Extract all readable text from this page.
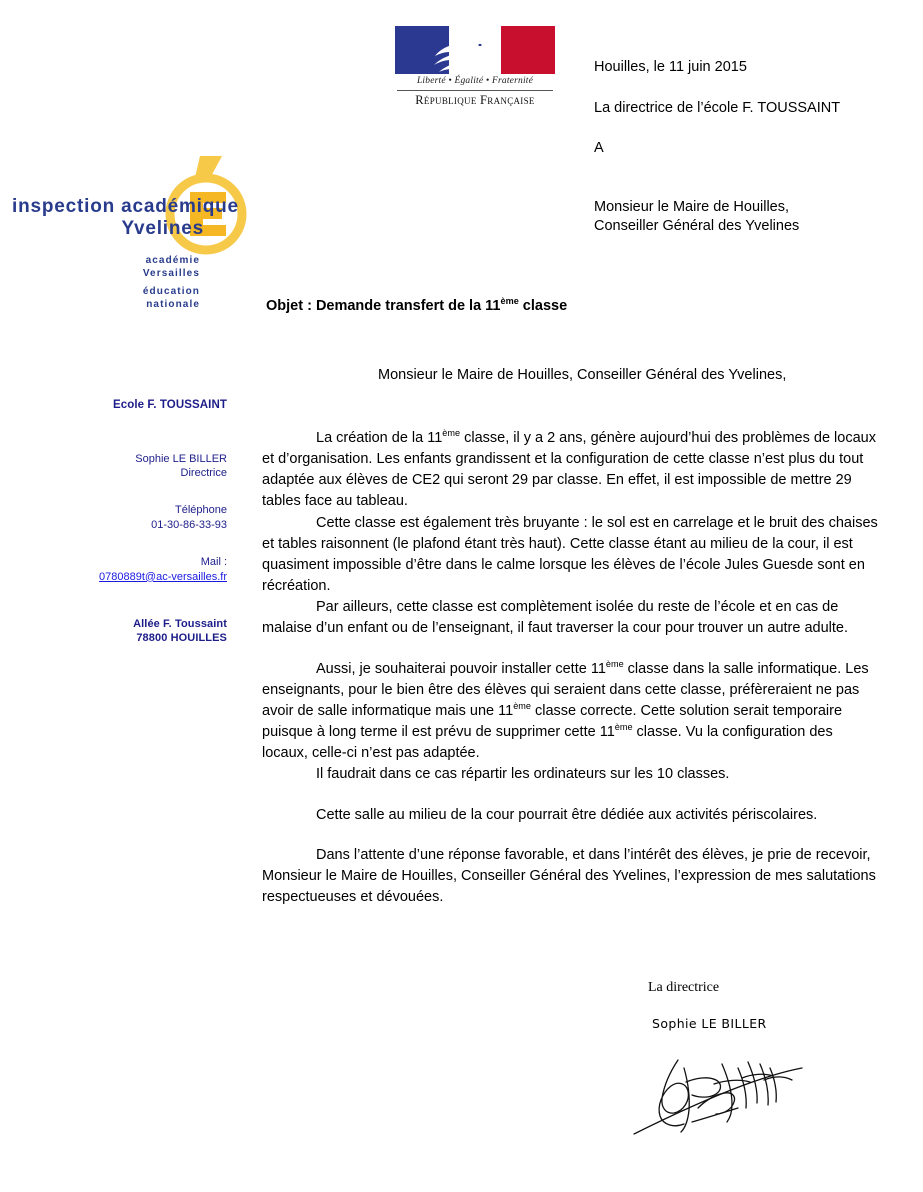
Liberté • Égalité • Fraternité
République Française
inspection académique
Yvelines
académie
Versailles
éducation
nationale
Houilles, le 11 juin 2015
La directrice de l’école F. TOUSSAINT
A
Monsieur le Maire de Houilles,
Conseiller Général des Yvelines
Objet : Demande transfert de la 11ème classe
Ecole F. TOUSSAINT
Sophie LE BILLER
Directrice
Téléphone
01-30-86-33-93
Mail :
0780889t@ac-versailles.fr
Allée F. Toussaint
78800 HOUILLES
Monsieur le Maire de Houilles, Conseiller Général des Yvelines,

La création de la 11ème classe, il y a 2 ans, génère aujourd’hui des problèmes de locaux et d’organisation. Les enfants grandissent et la configuration de cette classe n’est plus du tout adaptée aux élèves de CE2 qui seront 29 par classe. En effet, il est impossible de mettre 29 tables face au tableau.

Cette classe est également très bruyante : le sol est en carrelage et le bruit des chaises et tables raisonnent (le plafond étant très haut). Cette classe étant au milieu de la cour, il est quasiment impossible d’être dans le calme lorsque les élèves de l’école Jules Guesde sont en récréation.

Par ailleurs, cette classe est complètement isolée du reste de l’école et en cas de malaise d’un enfant ou de l’enseignant, il faut traverser la cour pour trouver un autre adulte.

Aussi, je souhaiterai pouvoir installer cette 11ème classe dans la salle informatique. Les enseignants, pour le bien être des élèves qui seraient dans cette classe, préfèreraient ne pas avoir de salle informatique mais une 11ème classe correcte. Cette solution serait temporaire puisque à long terme il est prévu de supprimer cette 11ème classe. Vu la configuration des locaux, celle-ci n’est pas adaptée.

Il faudrait dans ce cas répartir les ordinateurs sur les 10 classes.

Cette salle au milieu de la cour pourrait être dédiée aux activités périscolaires.

Dans l’attente d’une réponse favorable, et dans l’intérêt des élèves, je prie de recevoir, Monsieur le Maire de Houilles, Conseiller Général des Yvelines, l’expression de mes salutations respectueuses et dévouées.

La directrice
Sophie LE BILLER
